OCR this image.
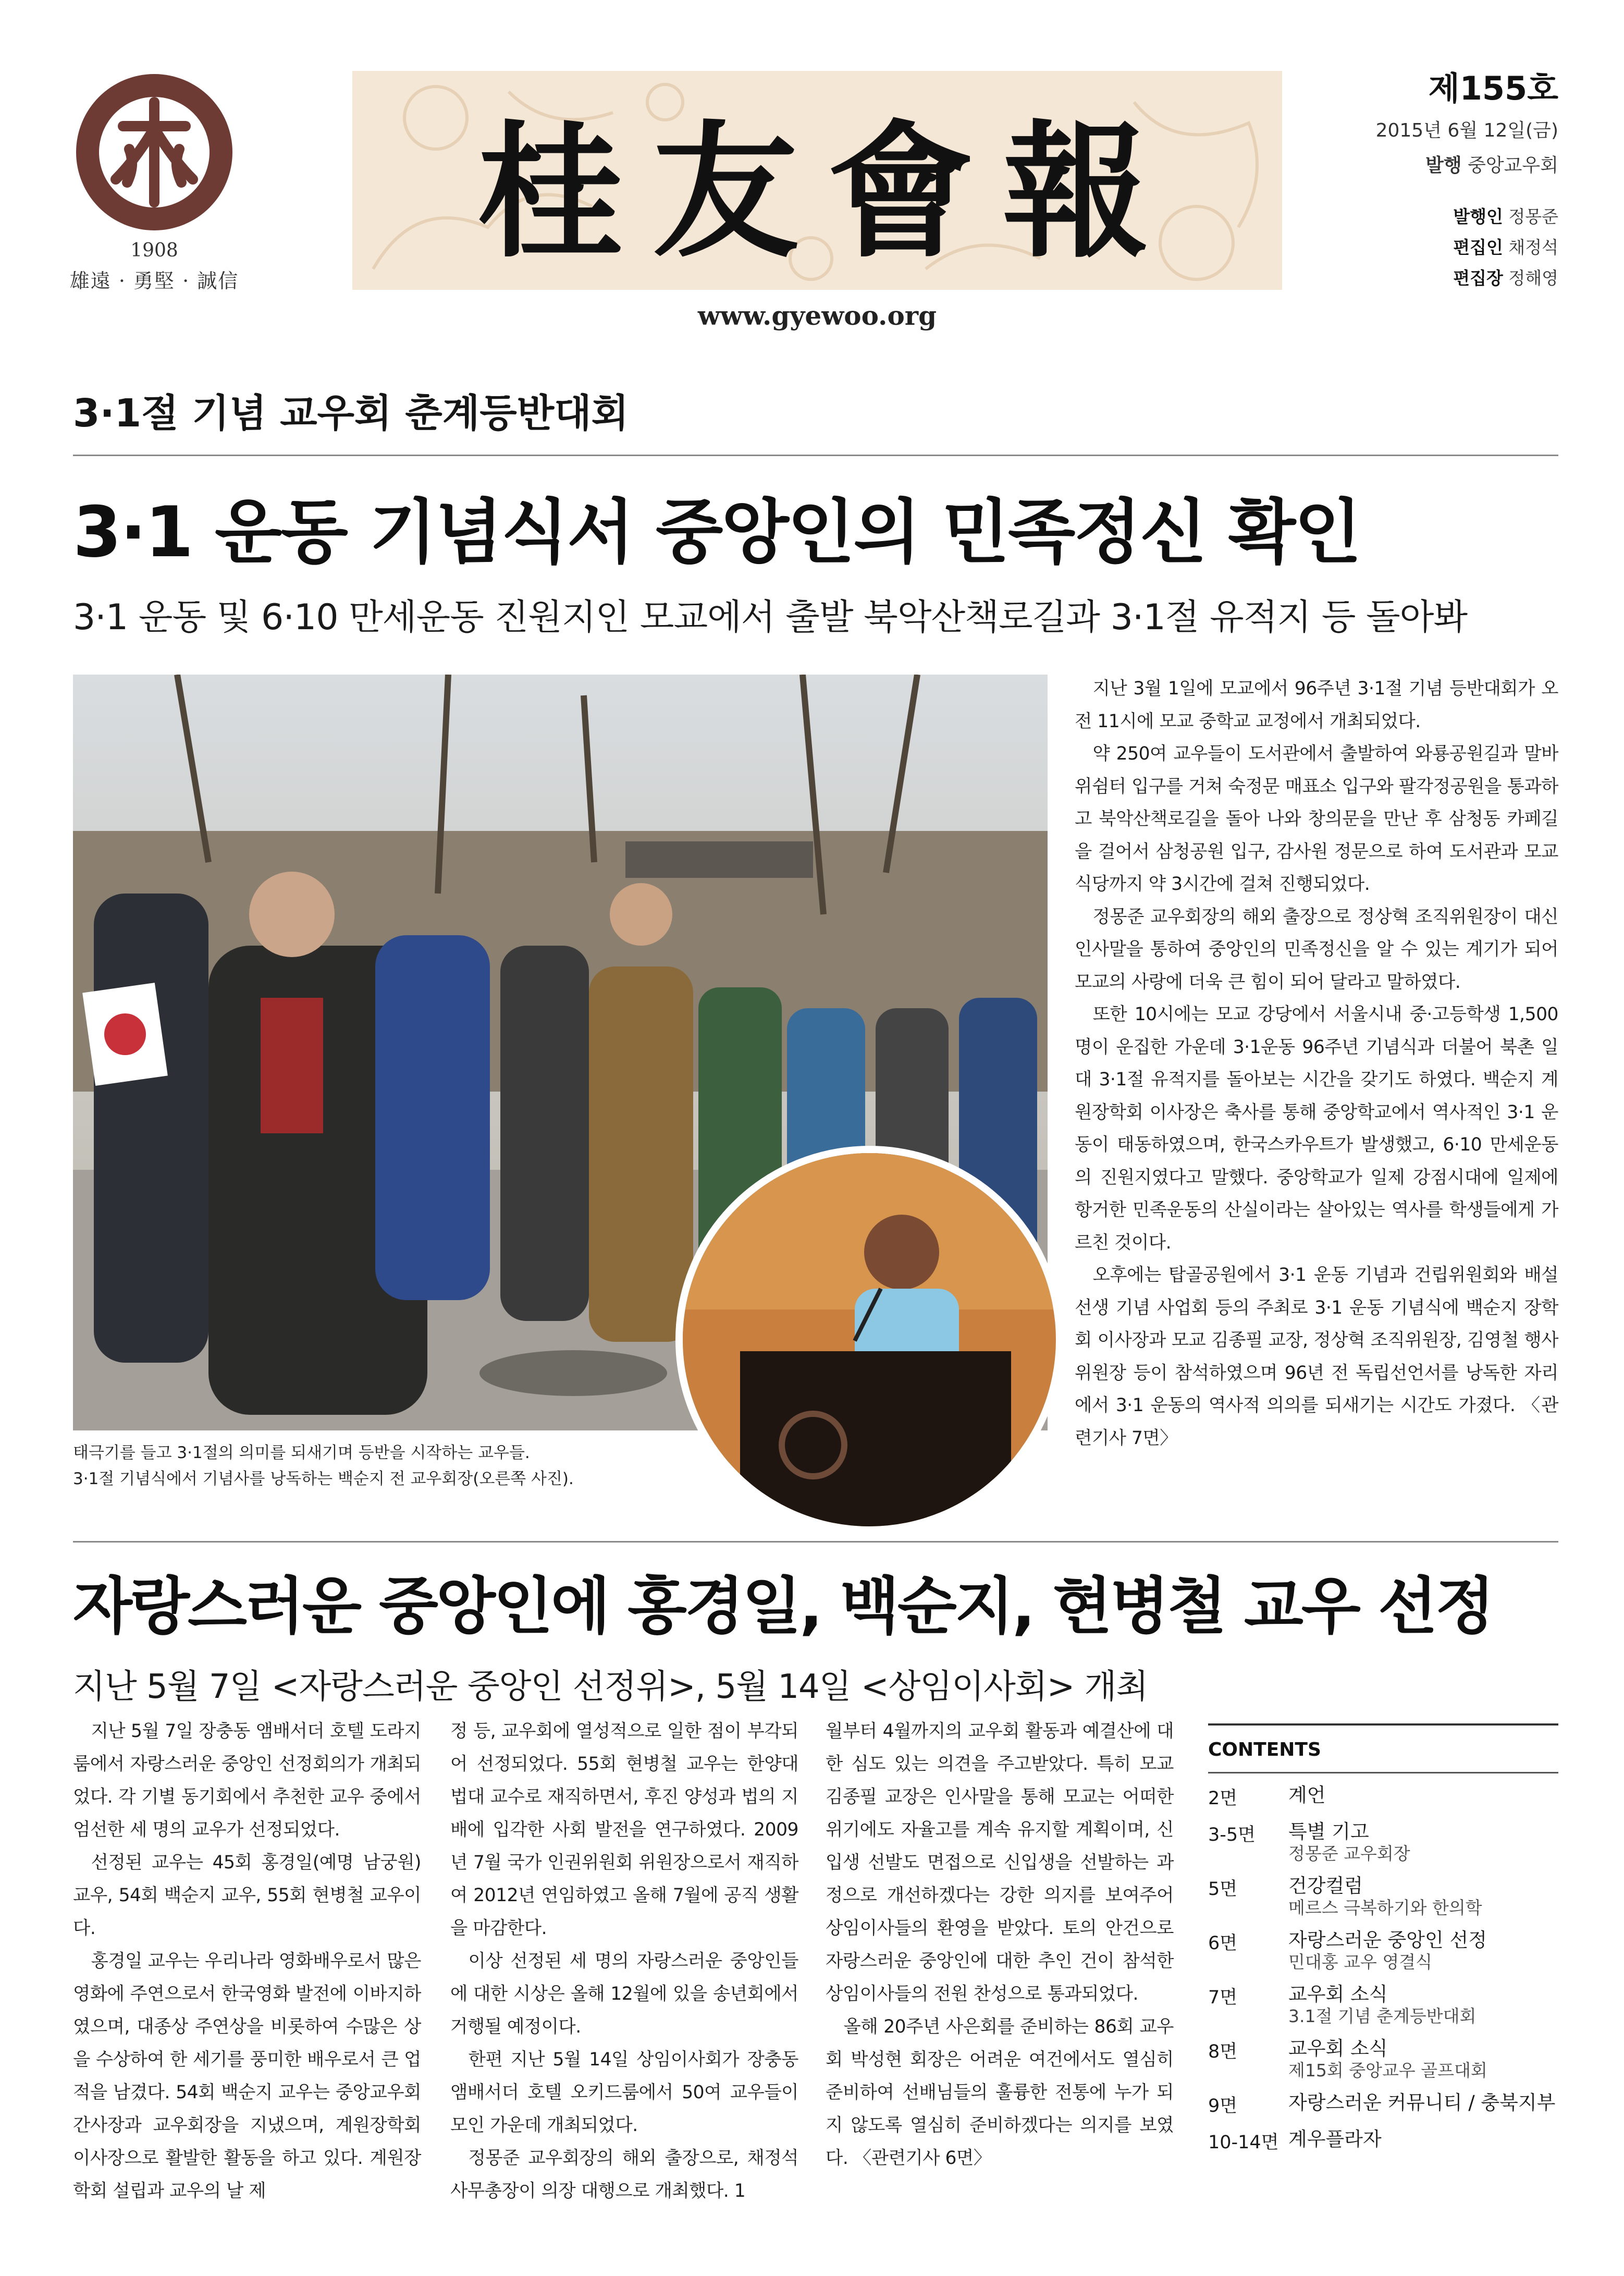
1908
雄遠 · 勇堅 · 誠信
桂友會報
www.gyewoo.org
제155호
2015년 6월 12일(금)
발행 중앙교우회
발행인 정몽준
편집인 채정석
편집장 정해영
3·1절 기념 교우회 춘계등반대회
3·1 운동 기념식서 중앙인의 민족정신 확인
3·1 운동 및 6·10 만세운동 진원지인 모교에서 출발 북악산책로길과 3·1절 유적지 등 돌아봐
태극기를 들고 3·1절의 의미를 되새기며 등반을 시작하는 교우들.
3·1절 기념식에서 기념사를 낭독하는 백순지 전 교우회장(오른쪽 사진).

지난 3월 1일에 모교에서 96주년 3·1절 기념 등반대회가 오전 11시에 모교 중학교 교정에서 개최되었다.

약 250여 교우들이 도서관에서 출발하여 와룡공원길과 말바위쉼터 입구를 거쳐 숙정문 매표소 입구와 팔각정공원을 통과하고 북악산책로길을 돌아 나와 창의문을 만난 후 삼청동 카페길을 걸어서 삼청공원 입구, 감사원 정문으로 하여 도서관과 모교식당까지 약 3시간에 걸쳐 진행되었다.

정몽준 교우회장의 해외 출장으로 정상혁 조직위원장이 대신 인사말을 통하여 중앙인의 민족정신을 알 수 있는 계기가 되어 모교의 사랑에 더욱 큰 힘이 되어 달라고 말하였다.

또한 10시에는 모교 강당에서 서울시내 중·고등학생 1,500명이 운집한 가운데 3·1운동 96주년 기념식과 더불어 북촌 일대 3·1절 유적지를 돌아보는 시간을 갖기도 하였다. 백순지 계원장학회 이사장은 축사를 통해 중앙학교에서 역사적인 3·1 운동이 태동하였으며, 한국스카우트가 발생했고, 6·10 만세운동의 진원지였다고 말했다. 중앙학교가 일제 강점시대에 일제에 항거한 민족운동의 산실이라는 살아있는 역사를 학생들에게 가르친 것이다.

오후에는 탑골공원에서 3·1 운동 기념과 건립위원회와 배설선생 기념 사업회 등의 주최로 3·1 운동 기념식에 백순지 장학회 이사장과 모교 김종필 교장, 정상혁 조직위원장, 김영철 행사위원장 등이 참석하였으며 96년 전 독립선언서를 낭독한 자리에서 3·1 운동의 역사적 의의를 되새기는 시간도 가졌다. 〈관련기사 7면〉

자랑스러운 중앙인에 홍경일, 백순지, 현병철 교우 선정
지난 5월 7일 <자랑스러운 중앙인 선정위>, 5월 14일 <상임이사회> 개최

지난 5월 7일 장충동 앰배서더 호텔 도라지룸에서 자랑스러운 중앙인 선정회의가 개최되었다. 각 기별 동기회에서 추천한 교우 중에서 엄선한 세 명의 교우가 선정되었다.

선정된 교우는 45회 홍경일(예명 남궁원) 교우, 54회 백순지 교우, 55회 현병철 교우이다.

홍경일 교우는 우리나라 영화배우로서 많은 영화에 주연으로서 한국영화 발전에 이바지하였으며, 대종상 주연상을 비롯하여 수많은 상을 수상하여 한 세기를 풍미한 배우로서 큰 업적을 남겼다. 54회 백순지 교우는 중앙교우회 간사장과 교우회장을 지냈으며, 계원장학회 이사장으로 활발한 활동을 하고 있다. 계원장학회 설립과 교우의 날 제

정 등, 교우회에 열성적으로 일한 점이 부각되어 선정되었다. 55회 현병철 교우는 한양대 법대 교수로 재직하면서, 후진 양성과 법의 지배에 입각한 사회 발전을 연구하였다. 2009년 7월 국가 인권위원회 위원장으로서 재직하여 2012년 연임하였고 올해 7월에 공직 생활을 마감한다.

이상 선정된 세 명의 자랑스러운 중앙인들에 대한 시상은 올해 12월에 있을 송년회에서 거행될 예정이다.

한편 지난 5월 14일 상임이사회가 장충동 앰배서더 호텔 오키드룸에서 50여 교우들이 모인 가운데 개최되었다.

정몽준 교우회장의 해외 출장으로, 채정석 사무총장이 의장 대행으로 개최했다. 1

월부터 4월까지의 교우회 활동과 예결산에 대한 심도 있는 의견을 주고받았다. 특히 모교 김종필 교장은 인사말을 통해 모교는 어떠한 위기에도 자율고를 계속 유지할 계획이며, 신입생 선발도 면접으로 신입생을 선발하는 과정으로 개선하겠다는 강한 의지를 보여주어 상임이사들의 환영을 받았다. 토의 안건으로 자랑스러운 중앙인에 대한 추인 건이 참석한 상임이사들의 전원 찬성으로 통과되었다.

올해 20주년 사은회를 준비하는 86회 교우회 박성현 회장은 어려운 여건에서도 열심히 준비하여 선배님들의 훌륭한 전통에 누가 되지 않도록 열심히 준비하겠다는 의지를 보였다. 〈관련기사 6면〉

CONTENTS
2면	계언
3-5면	특별 기고
정몽준 교우회장
5면	건강컬럼
메르스 극복하기와 한의학
6면	자랑스러운 중앙인 선정
민대홍 교우 영결식
7면	교우회 소식
3.1절 기념 춘계등반대회
8면	교우회 소식
제15회 중앙교우 골프대회
9면	자랑스러운 커뮤니티 / 충북지부
10-14면 계우플라자
